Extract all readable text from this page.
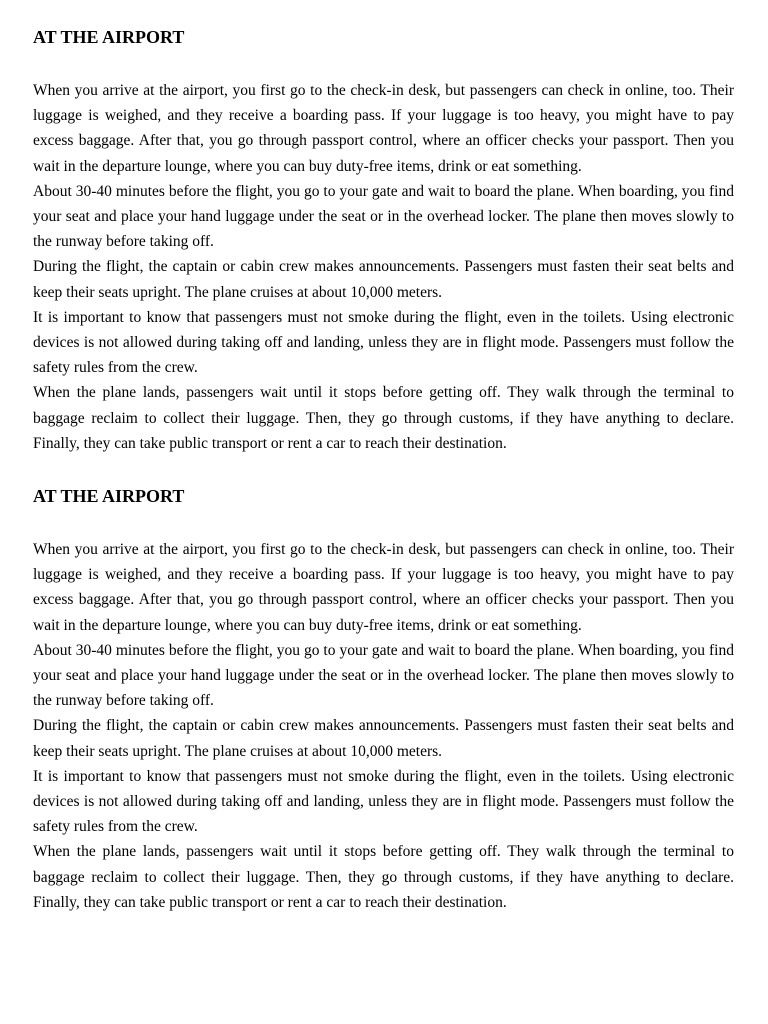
AT THE AIRPORT

When you arrive at the airport, you first go to the check-in desk, but passengers can check in online, too. Their luggage is weighed, and they receive a boarding pass. If your luggage is too heavy, you might have to pay excess baggage. After that, you go through passport control, where an officer checks your passport. Then you wait in the departure lounge, where you can buy duty-free items, drink or eat something.

About 30-40 minutes before the flight, you go to your gate and wait to board the plane. When boarding, you find your seat and place your hand luggage under the seat or in the overhead locker. The plane then moves slowly to the runway before taking off.

During the flight, the captain or cabin crew makes announcements. Passengers must fasten their seat belts and keep their seats upright. The plane cruises at about 10,000 meters.

It is important to know that passengers must not smoke during the flight, even in the toilets. Using electronic devices is not allowed during taking off and landing, unless they are in flight mode. Passengers must follow the safety rules from the crew.

When the plane lands, passengers wait until it stops before getting off. They walk through the terminal to baggage reclaim to collect their luggage. Then, they go through customs, if they have anything to declare. Finally, they can take public transport or rent a car to reach their destination.

AT THE AIRPORT

When you arrive at the airport, you first go to the check-in desk, but passengers can check in online, too. Their luggage is weighed, and they receive a boarding pass. If your luggage is too heavy, you might have to pay excess baggage. After that, you go through passport control, where an officer checks your passport. Then you wait in the departure lounge, where you can buy duty-free items, drink or eat something.

About 30-40 minutes before the flight, you go to your gate and wait to board the plane. When boarding, you find your seat and place your hand luggage under the seat or in the overhead locker. The plane then moves slowly to the runway before taking off.

During the flight, the captain or cabin crew makes announcements. Passengers must fasten their seat belts and keep their seats upright. The plane cruises at about 10,000 meters.

It is important to know that passengers must not smoke during the flight, even in the toilets. Using electronic devices is not allowed during taking off and landing, unless they are in flight mode. Passengers must follow the safety rules from the crew.

When the plane lands, passengers wait until it stops before getting off. They walk through the terminal to baggage reclaim to collect their luggage. Then, they go through customs, if they have anything to declare. Finally, they can take public transport or rent a car to reach their destination.
